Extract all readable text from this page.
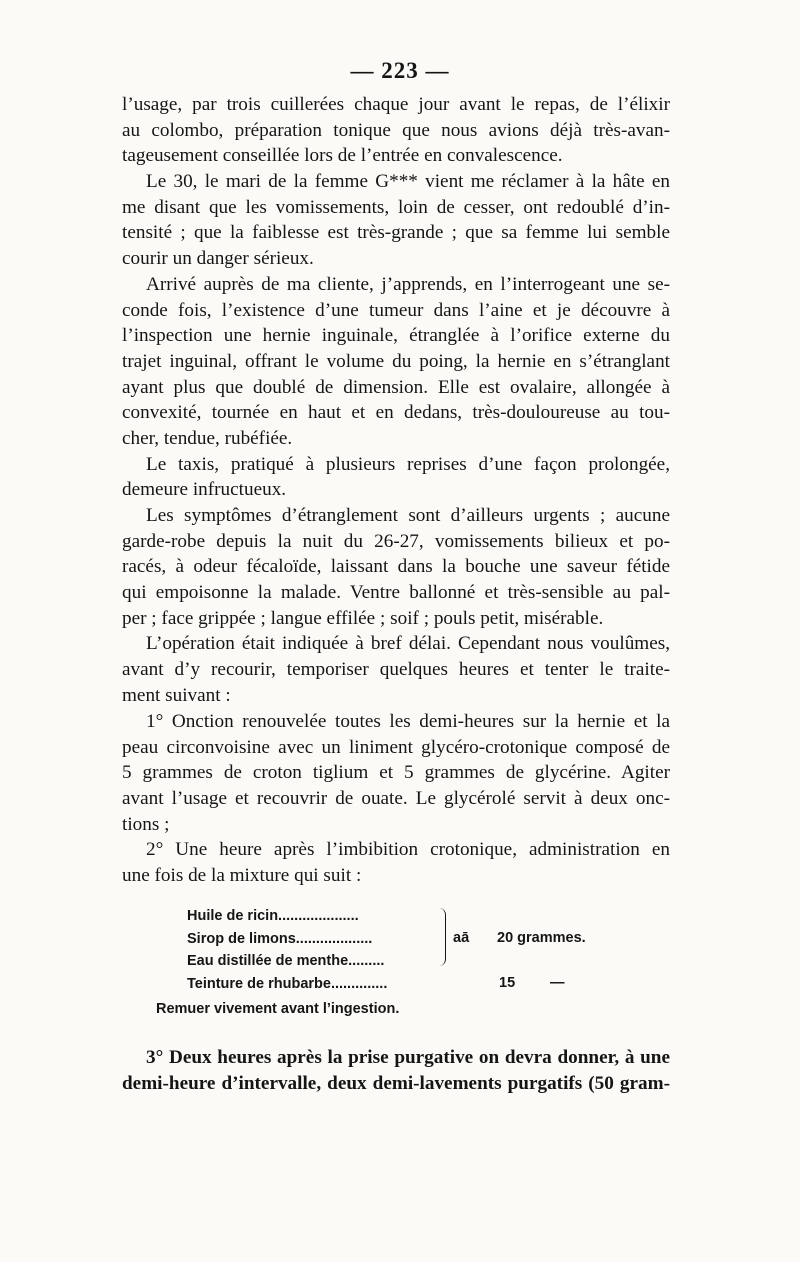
— 223 —
l’usage, par trois cuillerées chaque jour avant le repas, de l’élixir
au colombo, préparation tonique que nous avions déjà très-avan-
tageusement conseillée lors de l’entrée en convalescence.
Le 30, le mari de la femme G*** vient me réclamer à la hâte en
me disant que les vomissements, loin de cesser, ont redoublé d’in-
tensité ; que la faiblesse est très-grande ; que sa femme lui semble
courir un danger sérieux.
Arrivé auprès de ma cliente, j’apprends, en l’interrogeant une se-
conde fois, l’existence d’une tumeur dans l’aine et je découvre à
l’inspection une hernie inguinale, étranglée à l’orifice externe du
trajet inguinal, offrant le volume du poing, la hernie en s’étranglant
ayant plus que doublé de dimension. Elle est ovalaire, allongée à
convexité, tournée en haut et en dedans, très-douloureuse au tou-
cher, tendue, rubéfiée.
Le taxis, pratiqué à plusieurs reprises d’une façon prolongée,
demeure infructueux.
Les symptômes d’étranglement sont d’ailleurs urgents ; aucune
garde-robe depuis la nuit du 26-27, vomissements bilieux et po-
racés, à odeur fécaloïde, laissant dans la bouche une saveur fétide
qui empoisonne la malade. Ventre ballonné et très-sensible au pal-
per ; face grippée ; langue effilée ; soif ; pouls petit, misérable.
L’opération était indiquée à bref délai. Cependant nous voulûmes,
avant d’y recourir, temporiser quelques heures et tenter le traite-
ment suivant :
1° Onction renouvelée toutes les demi-heures sur la hernie et la
peau circonvoisine avec un liniment glycéro-crotonique composé de
5 grammes de croton tiglium et 5 grammes de glycérine. Agiter
avant l’usage et recouvrir de ouate. Le glycérolé servit à deux onc-
tions ;
2° Une heure après l’imbibition crotonique, administration en
une fois de la mixture qui suit :
Huile de ricin....................
Sirop de limons...................
Eau distillée de menthe.........
Teinture de rhubarbe..............
aā 20 grammes.
15 —
Remuer vivement avant l’ingestion.
3° Deux heures après la prise purgative on devra donner, à une
demi-heure d’intervalle, deux demi-lavements purgatifs (50 gram-
